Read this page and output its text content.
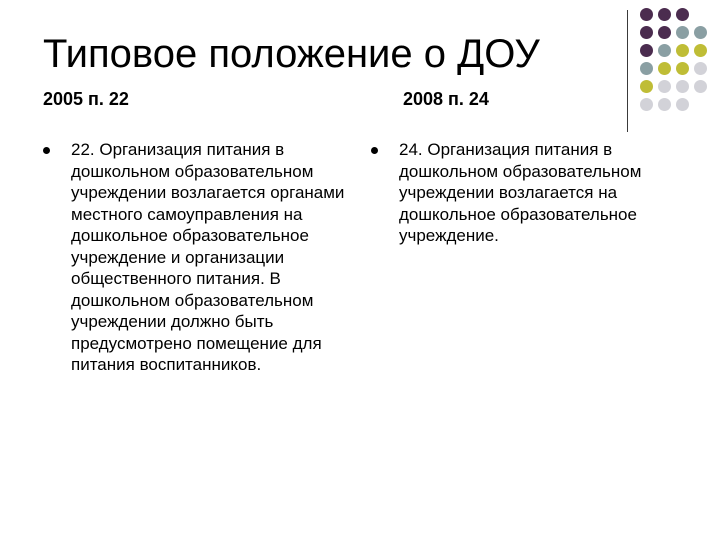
Типовое положение о ДОУ
2005 п. 22	2008 п. 24

22. Организация питания в дошкольном образовательном учреждении возлагается органами местного самоуправления на дошкольное образовательное учреждение и организации общественного питания. В дошкольном образовательном учреждении должно быть предусмотрено помещение для питания воспитанников.

24. Организация питания в дошкольном образовательном учреждении возлагается на дошкольное образовательное учреждение.
